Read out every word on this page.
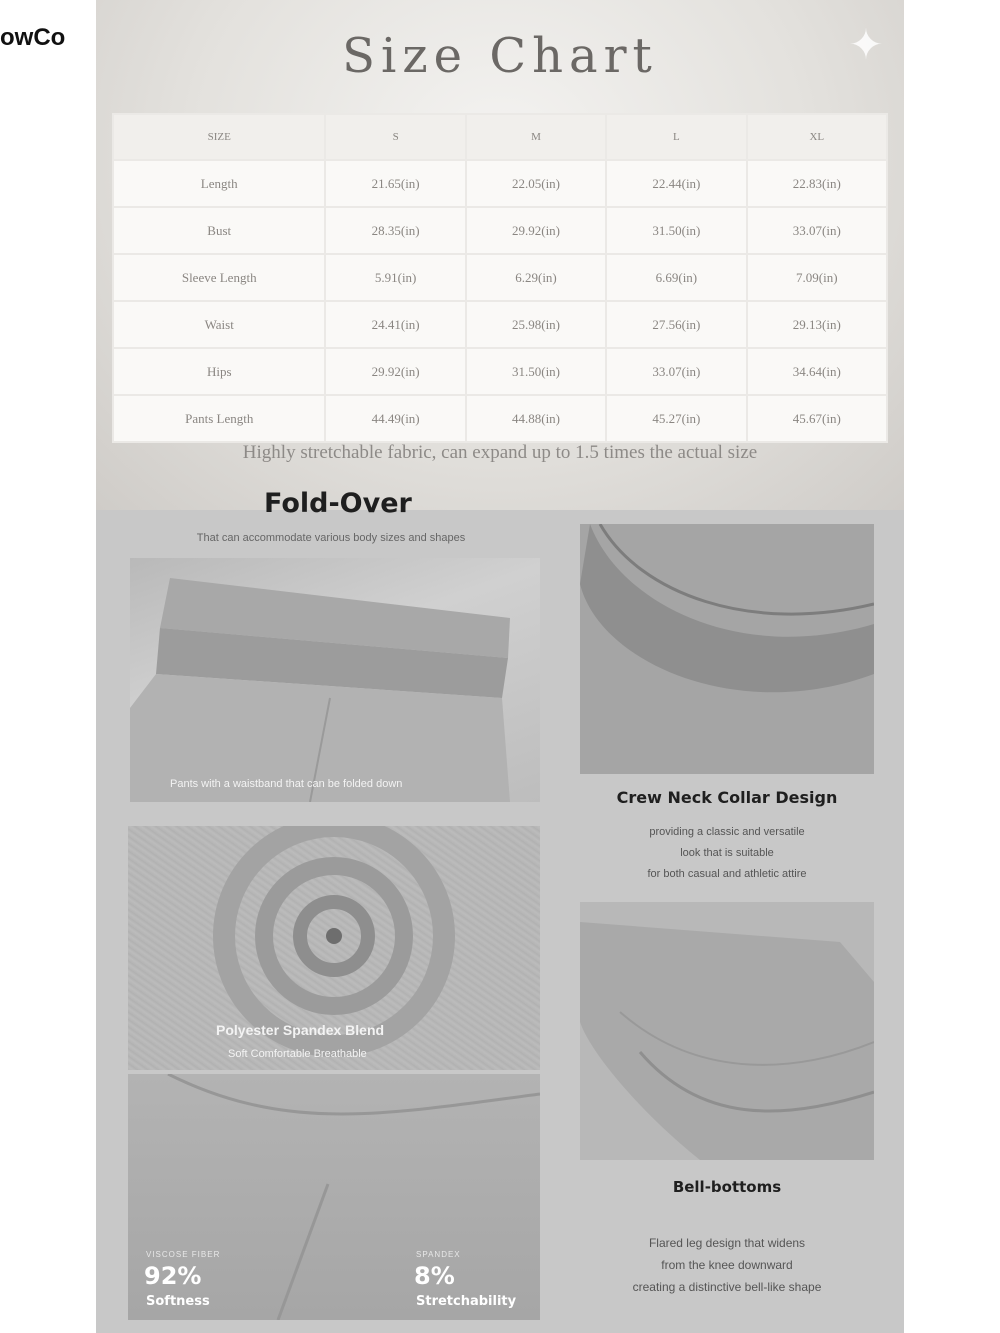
owCo	✦
Size Chart
SIZE	S	M	L	XL
Length	21.65(in)	22.05(in)	22.44(in)	22.83(in)
Bust	28.35(in)	29.92(in)	31.50(in)	33.07(in)
Sleeve Length	5.91(in)	6.29(in)	6.69(in)	7.09(in)
Waist	24.41(in)	25.98(in)	27.56(in)	29.13(in)
Hips	29.92(in)	31.50(in)	33.07(in)	34.64(in)
Pants Length	44.49(in)	44.88(in)	45.27(in)	45.67(in)
Highly stretchable fabric, can expand up to 1.5 times the actual size
Fold-Over
That can accommodate various body sizes and shapes
Pants with a waistband that can be folded down
Crew Neck Collar Design
providing a classic and versatile
look that is suitable
for both casual and athletic attire
Polyester Spandex Blend
Soft Comfortable Breathable
VISCOSE FIBER
92%
Softness
SPANDEX
8%
Stretchability
Bell-bottoms
Flared leg design that widens
from the knee downward
creating a distinctive bell-like shape
